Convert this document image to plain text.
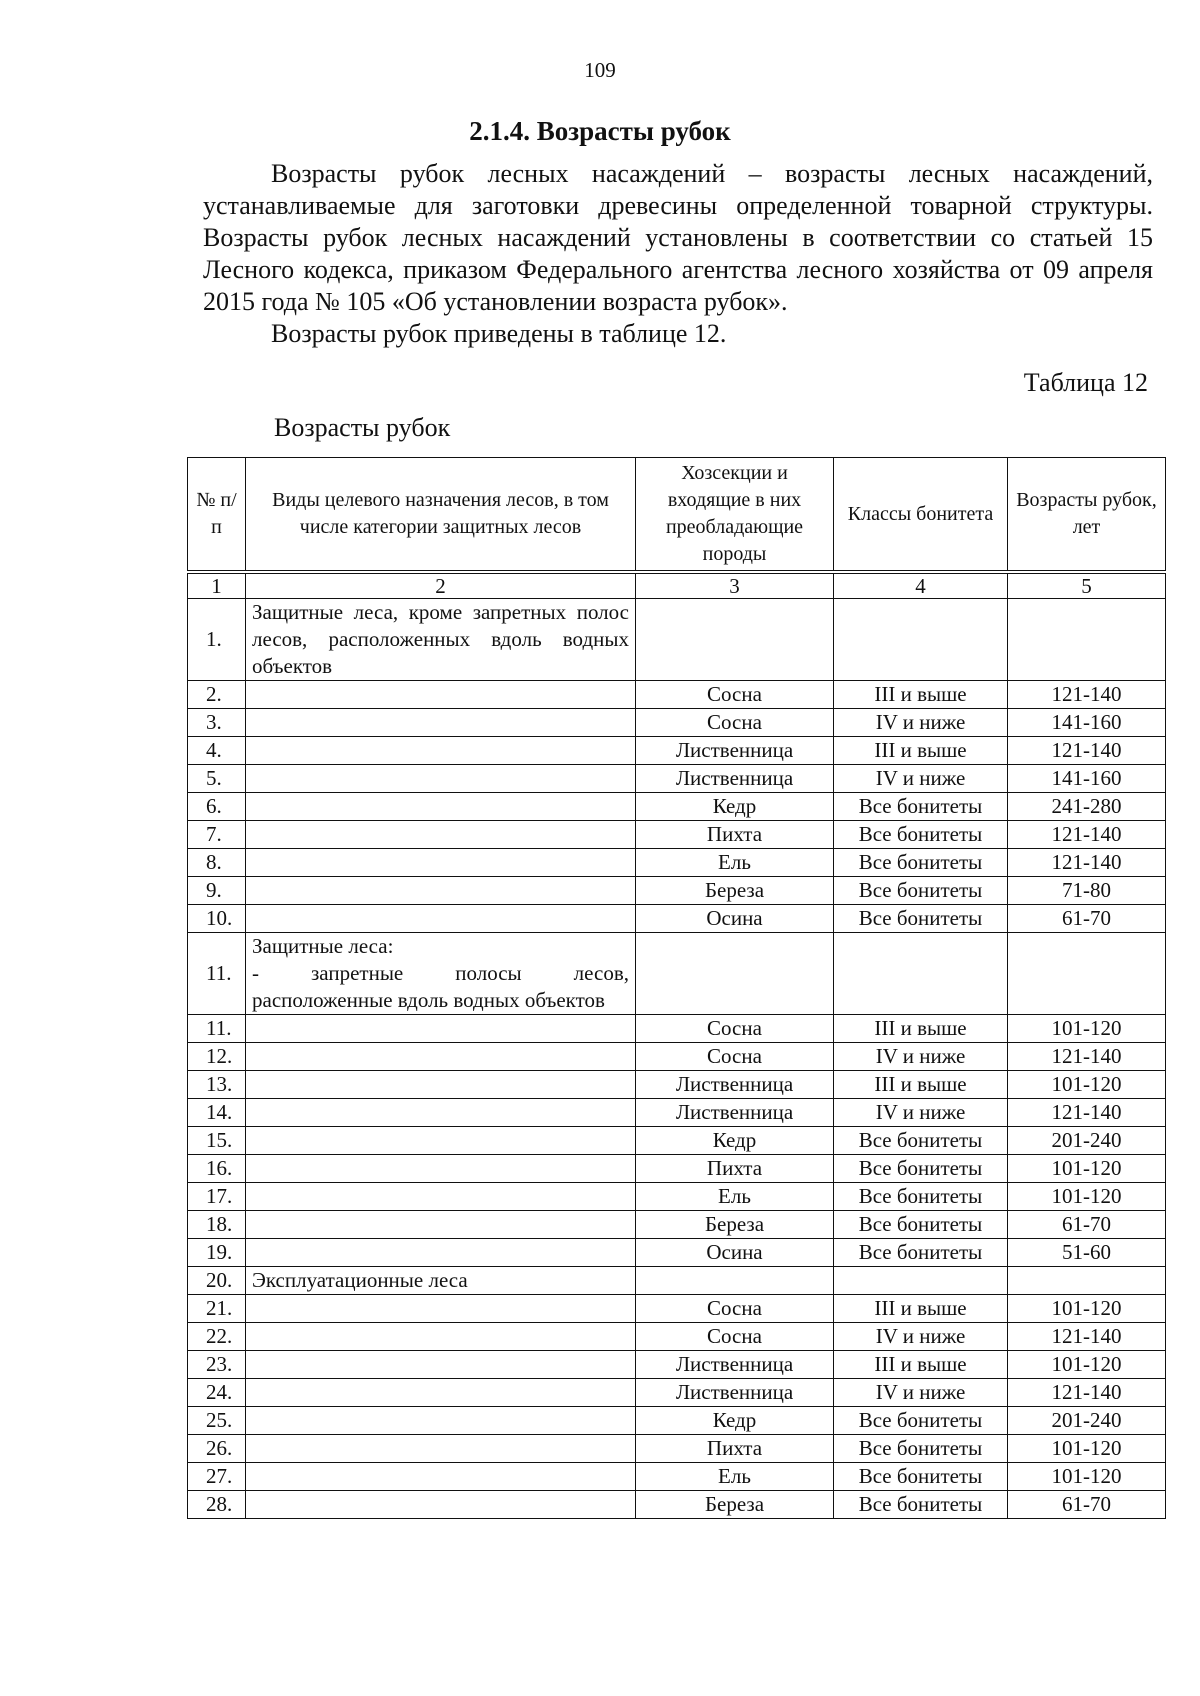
109
2.1.4. Возрасты рубок

Возрасты рубок лесных насаждений – возрасты лесных насаждений, устанавливаемые для заготовки древесины определенной товарной структуры. Возрасты рубок лесных насаждений установлены в соответствии со статьей 15 Лесного кодекса, приказом Федерального агентства лесного хозяйства от 09 апреля 2015 года № 105 «Об установлении возраста рубок».

Возрасты рубок приведены в таблице 12.

Таблица 12
Возрасты рубок
№ п/п	Виды целевого назначения лесов, в том числе категории защитных лесов	Хозсекции и входящие в них преобладающие породы	Классы бонитета	Возрасты рубок, лет
1	2	3	4	5
1.	Защитные леса, кроме запретных полос лесов, расположенных вдоль водных объектов			
2.		Сосна	III и выше	121-140
3.		Сосна	IV и ниже	141-160
4.		Лиственница	III и выше	121-140
5.		Лиственница	IV и ниже	141-160
6.		Кедр	Все бонитеты	241-280
7.		Пихта	Все бонитеты	121-140
8.		Ель	Все бонитеты	121-140
9.		Береза	Все бонитеты	71-80
10.		Осина	Все бонитеты	61-70
11.	Защитные леса:
- запретные полосы лесов, расположенные вдоль водных объектов			
11.		Сосна	III и выше	101-120
12.		Сосна	IV и ниже	121-140
13.		Лиственница	III и выше	101-120
14.		Лиственница	IV и ниже	121-140
15.		Кедр	Все бонитеты	201-240
16.		Пихта	Все бонитеты	101-120
17.		Ель	Все бонитеты	101-120
18.		Береза	Все бонитеты	61-70
19.		Осина	Все бонитеты	51-60
20.	Эксплуатационные леса			
21.		Сосна	III и выше	101-120
22.		Сосна	IV и ниже	121-140
23.		Лиственница	III и выше	101-120
24.		Лиственница	IV и ниже	121-140
25.		Кедр	Все бонитеты	201-240
26.		Пихта	Все бонитеты	101-120
27.		Ель	Все бонитеты	101-120
28.		Береза	Все бонитеты	61-70
